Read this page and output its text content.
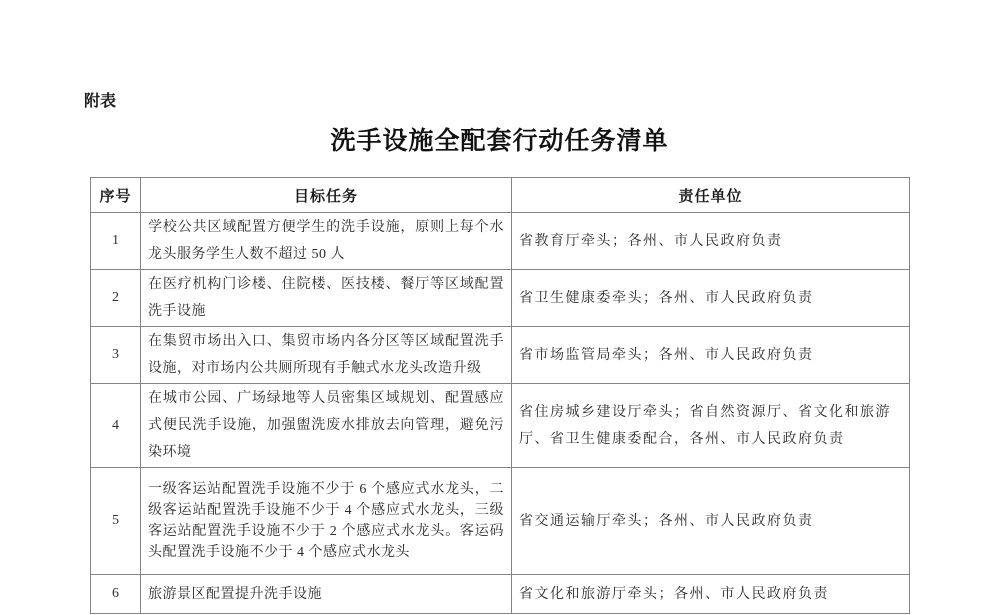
附表
洗手设施全配套行动任务清单
序号	目标任务	责任单位
1	学校公共区域配置方便学生的洗手设施，原则上每个水龙头服务学生人数不超过 50 人	省教育厅牵头；各州、市人民政府负责
2	在医疗机构门诊楼、住院楼、医技楼、餐厅等区域配置洗手设施	省卫生健康委牵头；各州、市人民政府负责
3	在集贸市场出入口、集贸市场内各分区等区域配置洗手设施，对市场内公共厕所现有手触式水龙头改造升级	省市场监管局牵头；各州、市人民政府负责
4	在城市公园、广场绿地等人员密集区域规划、配置感应式便民洗手设施，加强盥洗废水排放去向管理，避免污染环境	省住房城乡建设厅牵头；省自然资源厅、省文化和旅游厅、省卫生健康委配合，各州、市人民政府负责
5	一级客运站配置洗手设施不少于 6 个感应式水龙头，二级客运站配置洗手设施不少于 4 个感应式水龙头，三级客运站配置洗手设施不少于 2 个感应式水龙头。客运码头配置洗手设施不少于 4 个感应式水龙头	省交通运输厅牵头；各州、市人民政府负责
6	旅游景区配置提升洗手设施	省文化和旅游厅牵头；各州、市人民政府负责
